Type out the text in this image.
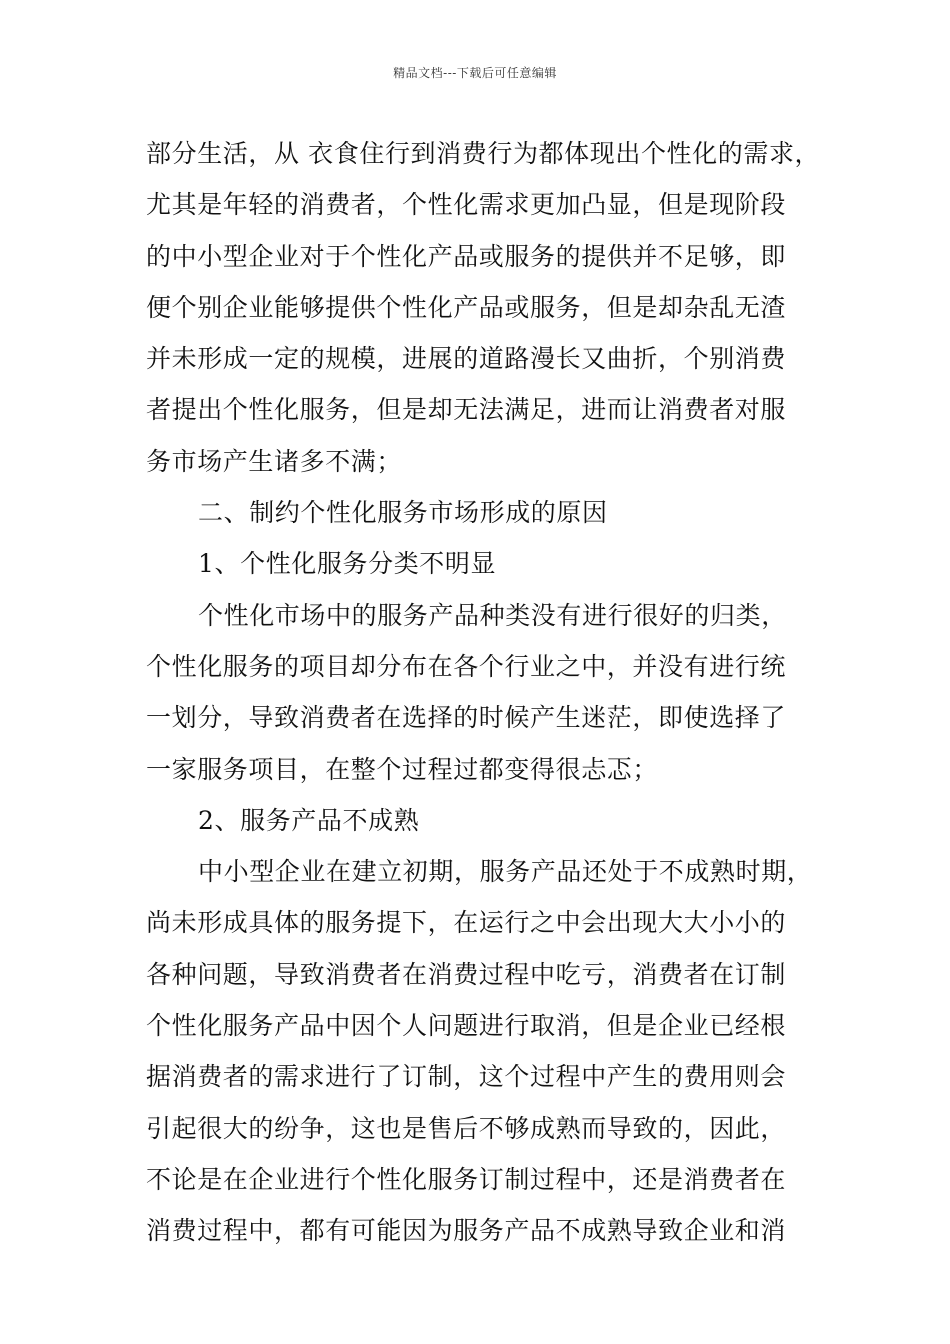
精品文档---下载后可任意编辑
部分生活，从 衣食住行到消费行为都体现出个性化的需求，
尤其是年轻的消费者，个性化需求更加凸显，但是现阶段
的中小型企业对于个性化产品或服务的提供并不足够，即
便个别企业能够提供个性化产品或服务，但是却杂乱无渣
并未形成一定的规模，进展的道路漫长又曲折，个别消费
者提出个性化服务，但是却无法满足，进而让消费者对服
务市场产生诸多不满；
二、制约个性化服务市场形成的原因
1、个性化服务分类不明显
个性化市场中的服务产品种类没有进行很好的归类，
个性化服务的项目却分布在各个行业之中，并没有进行统
一划分，导致消费者在选择的时候产生迷茫，即使选择了
一家服务项目，在整个过程过都变得很忐忑；
2、服务产品不成熟
中小型企业在建立初期，服务产品还处于不成熟时期，
尚未形成具体的服务提下，在运行之中会出现大大小小的
各种问题，导致消费者在消费过程中吃亏，消费者在订制
个性化服务产品中因个人问题进行取消，但是企业已经根
据消费者的需求进行了订制，这个过程中产生的费用则会
引起很大的纷争，这也是售后不够成熟而导致的，因此，
不论是在企业进行个性化服务订制过程中，还是消费者在
消费过程中，都有可能因为服务产品不成熟导致企业和消
